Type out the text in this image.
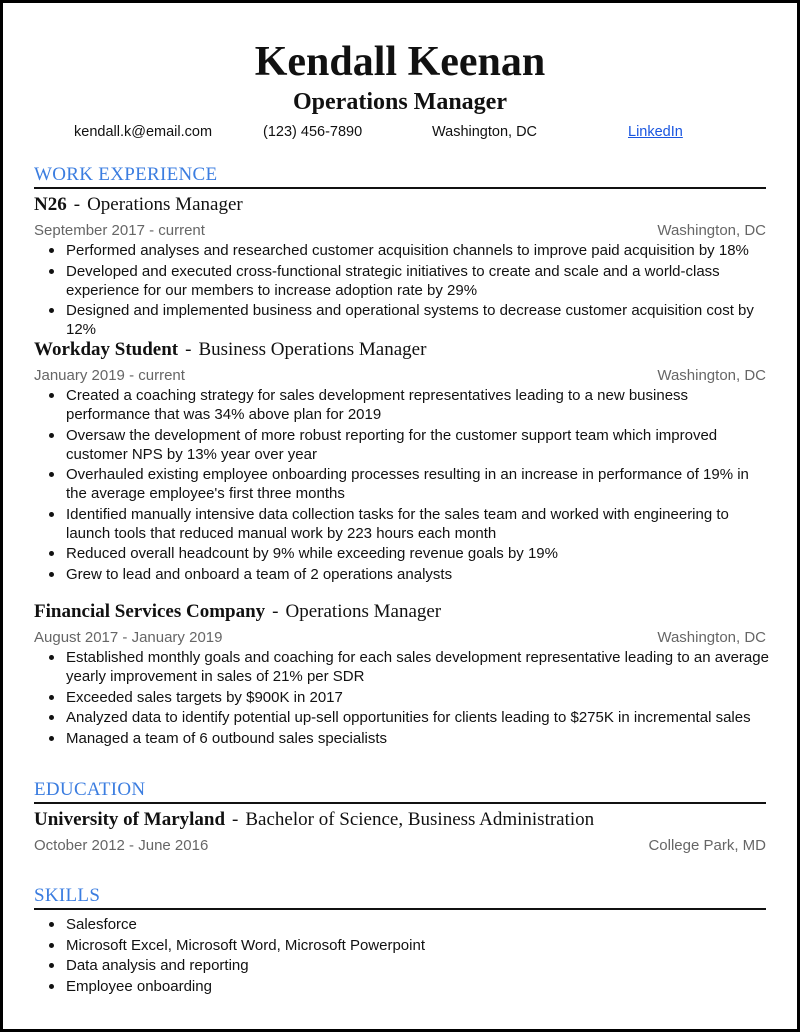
Kendall Keenan
Operations Manager
kendall.k@email.com	(123) 456-7890	Washington, DC	LinkedIn
WORK EXPERIENCE
N26 - Operations Manager
September 2017 - current	Washington, DC
Performed analyses and researched customer acquisition channels to improve paid acquisition by 18%
Developed and executed cross-functional strategic initiatives to create and scale and a world-class experience for our members to increase adoption rate by 29%
Designed and implemented business and operational systems to decrease customer acquisition cost by 12%
Workday Student - Business Operations Manager
January 2019 - current	Washington, DC
Created a coaching strategy for sales development representatives leading to a new business performance that was 34% above plan for 2019
Oversaw the development of more robust reporting for the customer support team which improved customer NPS by 13% year over year
Overhauled existing employee onboarding processes resulting in an increase in performance of 19% in the average employee's first three months
Identified manually intensive data collection tasks for the sales team and worked with engineering to launch tools that reduced manual work by 223 hours each month
Reduced overall headcount by 9% while exceeding revenue goals by 19%
Grew to lead and onboard a team of 2 operations analysts
Financial Services Company - Operations Manager
August 2017 - January 2019	Washington, DC
Established monthly goals and coaching for each sales development representative leading to an average yearly improvement in sales of 21% per SDR
Exceeded sales targets by $900K in 2017
Analyzed data to identify potential up-sell opportunities for clients leading to $275K in incremental sales
Managed a team of 6 outbound sales specialists
EDUCATION
University of Maryland - Bachelor of Science, Business Administration
October 2012 - June 2016	College Park, MD
SKILLS
Salesforce
Microsoft Excel, Microsoft Word, Microsoft Powerpoint
Data analysis and reporting
Employee onboarding
